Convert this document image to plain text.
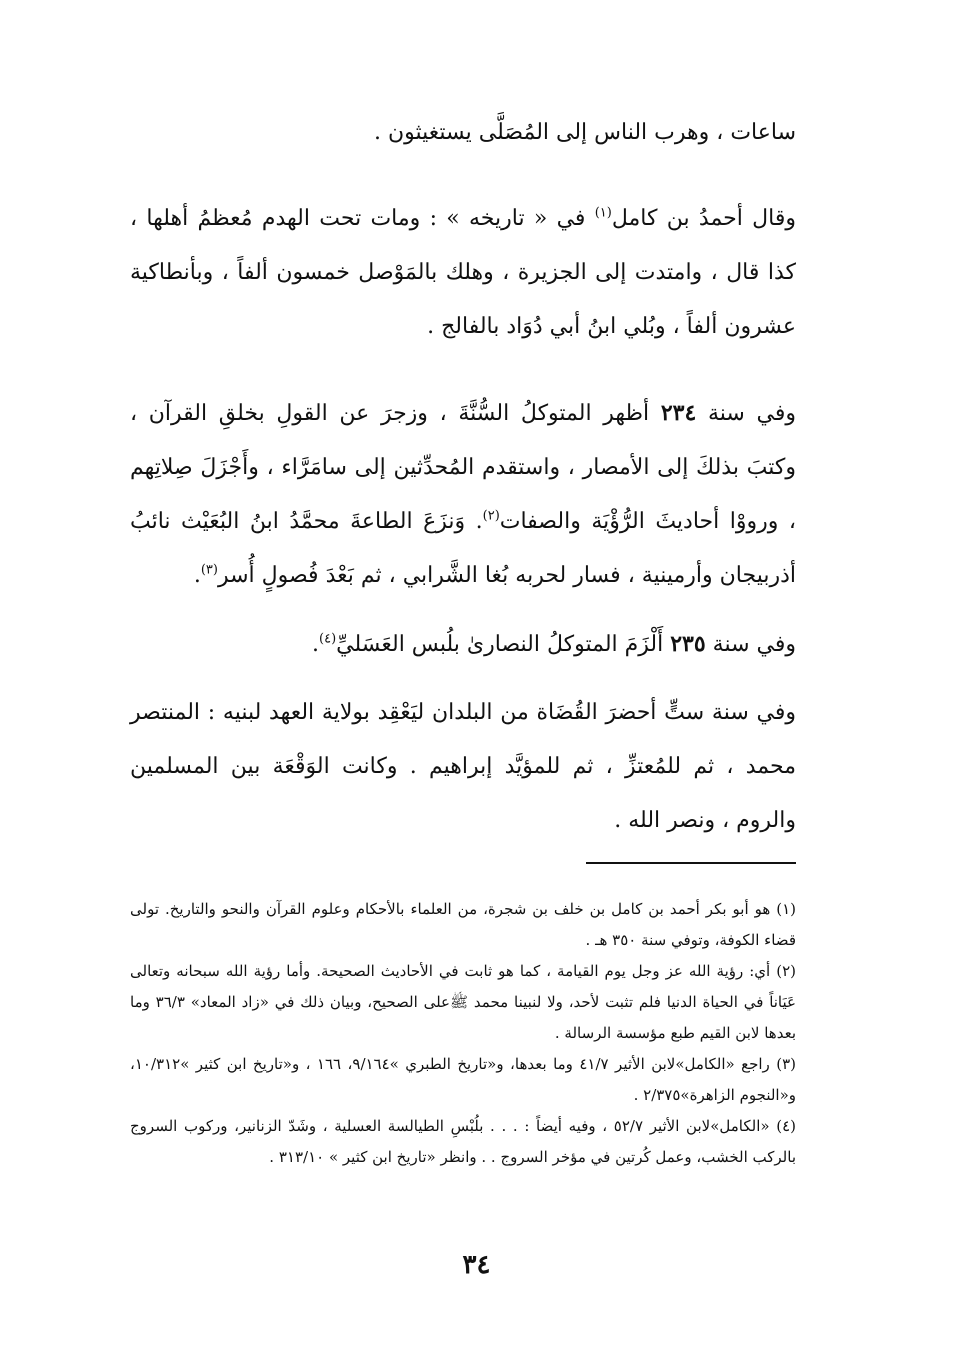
ساعات ، وهرب الناس إلى المُصَلَّى يستغيثون .

وقال أحمدُ بن كامل$^{(١)}$ في « تاريخه » : ومات تحت الهدم مُعظمُ أهلها ، كذا قال ، وامتدت إلى الجزيرة ، وهلك بالمَوْصل خمسون ألفاً ، وبأنطاكية عشرون ألفاً ، وبُلي ابنُ أبي دُوَاد بالفالج .

وفي سنة ٢٣٤ أظهر المتوكلُ السُّنَّةَ ، وزجرَ عن القولِ بخلقِ القرآن ، وكتبَ بذلكَ إلى الأمصار ، واستقدم المُحدِّثين إلى سامَرَّاء ، وأَجْزَلَ صِلاتِهم ، ورووْا أحاديثَ الرُّؤْيَة والصفات$^{(٢)}$. وَنزَعَ الطاعةَ محمَّدُ ابنُ البُعَيْث نائبُ أذربيجان وأرمينية ، فسار لحربه بُغا الشَّرابي ، ثم بَعْدَ فُصولٍ أُسر$^{(٣)}$.

وفي سنة ٢٣٥ أَلْزَمَ المتوكلُ النصارىٰ بلُبس العَسَليِّ$^{(٤)}$.

وفي سنة ستٍّ أحضرَ القُضَاة من البلدان ليَعْقِد بولاية العهد لبنيه : المنتصر محمد ، ثم للمُعتزِّ ، ثم للمؤيَّد إبراهيم . وكانت الوَقْعَة بين المسلمين والروم ، ونصر الله .

(١) هو أبو بكر أحمد بن كامل بن خلف بن شجرة، من العلماء بالأحكام وعلوم القرآن والنحو والتاريخ. تولى قضاء الكوفة، وتوفي سنة ٣٥٠ هـ .

(٢) أي: رؤية الله عز وجل يوم القيامة ، كما هو ثابت في الأحاديث الصحيحة. وأما رؤية الله سبحانه وتعالى عَيَاناً في الحياة الدنيا فلم تثبت لأحد، ولا لنبينا محمد ﷺعلى الصحيح، وبيان ذلك في «زاد المعاد» ٣٦/٣ وما بعدها لابن القيم طبع مؤسسة الرسالة .

(٣) راجع «الكامل»لابن الأثير ٤١/٧ وما بعدها، و«تاريخ الطبري »٩/١٦٤، ١٦٦ ، و«تاريخ ابن كثير »١٠/٣١٢، و«النجوم الزاهرة»٢/٣٧٥ .

(٤) «الكامل»لابن الأثير ٥٢/٧ ، وفيه أيضاً : . . . بلُبْسِ الطيالسة العسلية ، وشَدّ الزنانير، وركوب السروج بالركب الخشب، وعمل كُرتين في مؤخر السروج . . وانظر «تاريخ ابن كثير » ٣١٣/١٠ .

٣٤
